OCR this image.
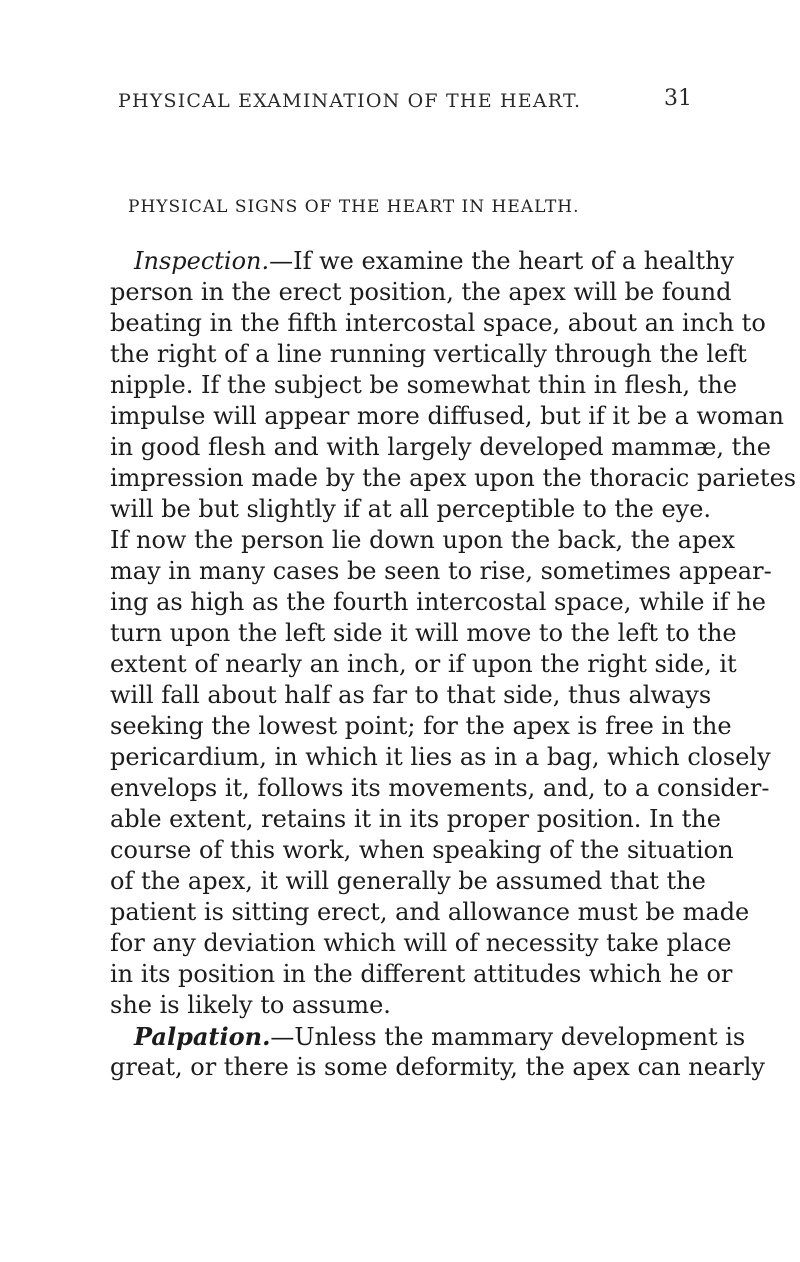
PHYSICAL EXAMINATION OF THE HEART.	31
PHYSICAL SIGNS OF THE HEART IN HEALTH.
Inspection.—If we examine the heart of a healthy
person in the erect position, the apex will be found
beating in the fifth intercostal space, about an inch to
the right of a line running vertically through the left
nipple. If the subject be somewhat thin in flesh, the
impulse will appear more diffused, but if it be a woman
in good flesh and with largely developed mammæ, the
impression made by the apex upon the thoracic parietes
will be but slightly if at all perceptible to the eye.
If now the person lie down upon the back, the apex
may in many cases be seen to rise, sometimes appear-
ing as high as the fourth intercostal space, while if he
turn upon the left side it will move to the left to the
extent of nearly an inch, or if upon the right side, it
will fall about half as far to that side, thus always
seeking the lowest point; for the apex is free in the
pericardium, in which it lies as in a bag, which closely
envelops it, follows its movements, and, to a consider-
able extent, retains it in its proper position. In the
course of this work, when speaking of the situation
of the apex, it will generally be assumed that the
patient is sitting erect, and allowance must be made
for any deviation which will of necessity take place
in its position in the different attitudes which he or
she is likely to assume.
Palpation.—Unless the mammary development is
great, or there is some deformity, the apex can nearly
